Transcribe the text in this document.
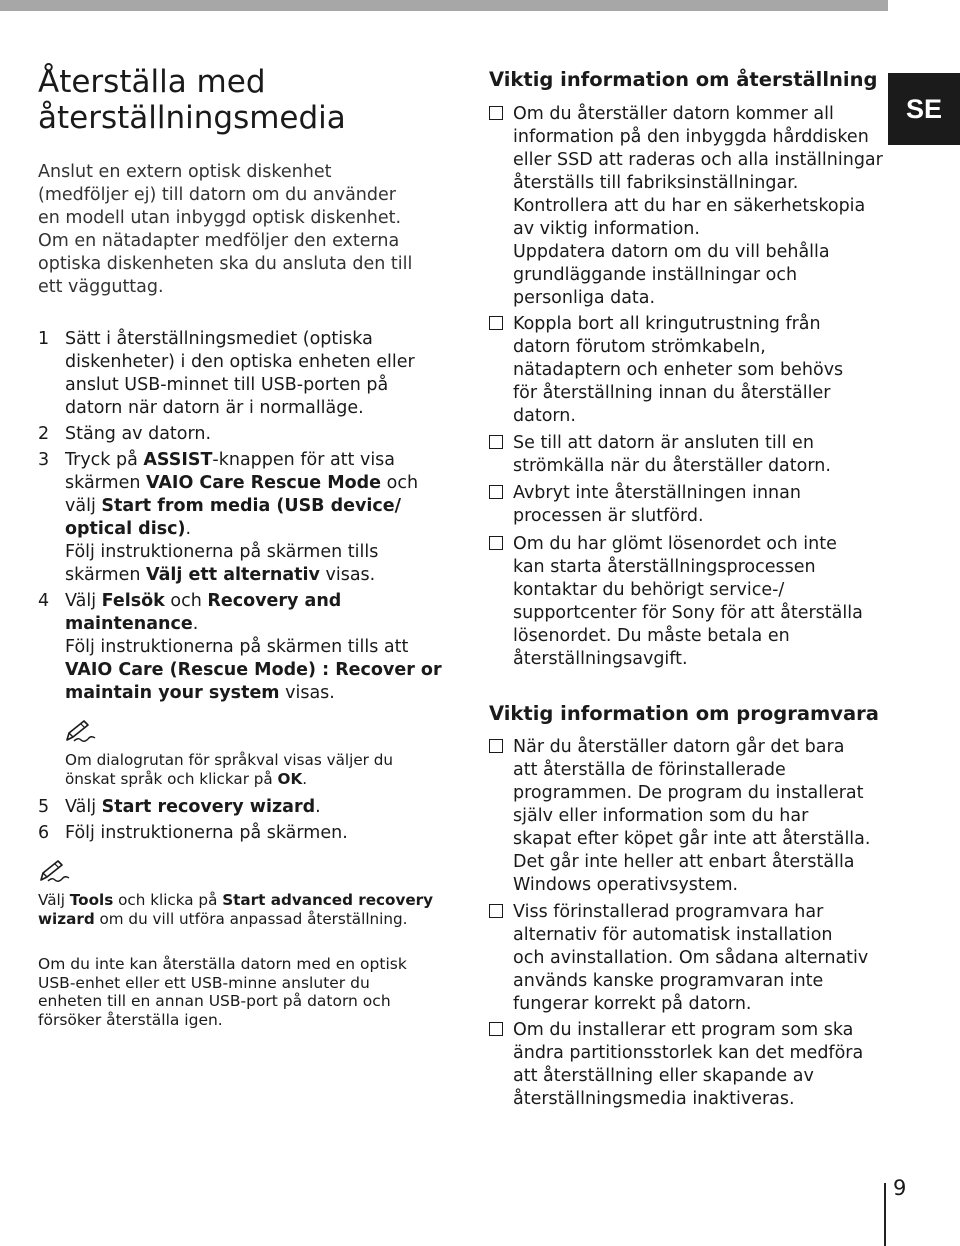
Återställa med
återställningsmedia
Anslut en extern optisk diskenhet
(medföljer ej) till datorn om du använder
en modell utan inbyggd optisk diskenhet.
Om en nätadapter medföljer den externa
optiska diskenheten ska du ansluta den till
ett vägguttag.
1 Sätt i återställningsmediet (optiska
diskenheter) i den optiska enheten eller
anslut USB-minnet till USB-porten på
datorn när datorn är i normalläge.
2 Stäng av datorn.
3 Tryck på ASSIST-knappen för att visa
skärmen VAIO Care Rescue Mode och
välj Start from media (USB device/
optical disc).
Följ instruktionerna på skärmen tills
skärmen Välj ett alternativ visas.
4 Välj Felsök och Recovery and
maintenance.
Följ instruktionerna på skärmen tills att
VAIO Care (Rescue Mode) : Recover or
maintain your system visas.
Om dialogrutan för språkval visas väljer du
önskat språk och klickar på OK.
5 Välj Start recovery wizard.
6 Följ instruktionerna på skärmen.
Välj Tools och klicka på Start advanced recovery
wizard om du vill utföra anpassad återställning.
Om du inte kan återställa datorn med en optisk
USB-enhet eller ett USB-minne ansluter du
enheten till en annan USB-port på datorn och
försöker återställa igen.
Viktig information om återställning
Om du återställer datorn kommer all
information på den inbyggda hårddisken
eller SSD att raderas och alla inställningar
återställs till fabriksinställningar.
Kontrollera att du har en säkerhetskopia
av viktig information.
Uppdatera datorn om du vill behålla
grundläggande inställningar och
personliga data.
Koppla bort all kringutrustning från
datorn förutom strömkabeln,
nätadaptern och enheter som behövs
för återställning innan du återställer
datorn.
Se till att datorn är ansluten till en
strömkälla när du återställer datorn.
Avbryt inte återställningen innan
processen är slutförd.
Om du har glömt lösenordet och inte
kan starta återställningsprocessen
kontaktar du behörigt service-/
supportcenter för Sony för att återställa
lösenordet. Du måste betala en
återställningsavgift.
Viktig information om programvara
När du återställer datorn går det bara
att återställa de förinstallerade
programmen. De program du installerat
själv eller information som du har
skapat efter köpet går inte att återställa.
Det går inte heller att enbart återställa
Windows operativsystem.
Viss förinstallerad programvara har
alternativ för automatisk installation
och avinstallation. Om sådana alternativ
används kanske programvaran inte
fungerar korrekt på datorn.
Om du installerar ett program som ska
ändra partitionsstorlek kan det medföra
att återställning eller skapande av
återställningsmedia inaktiveras.
SE
9
